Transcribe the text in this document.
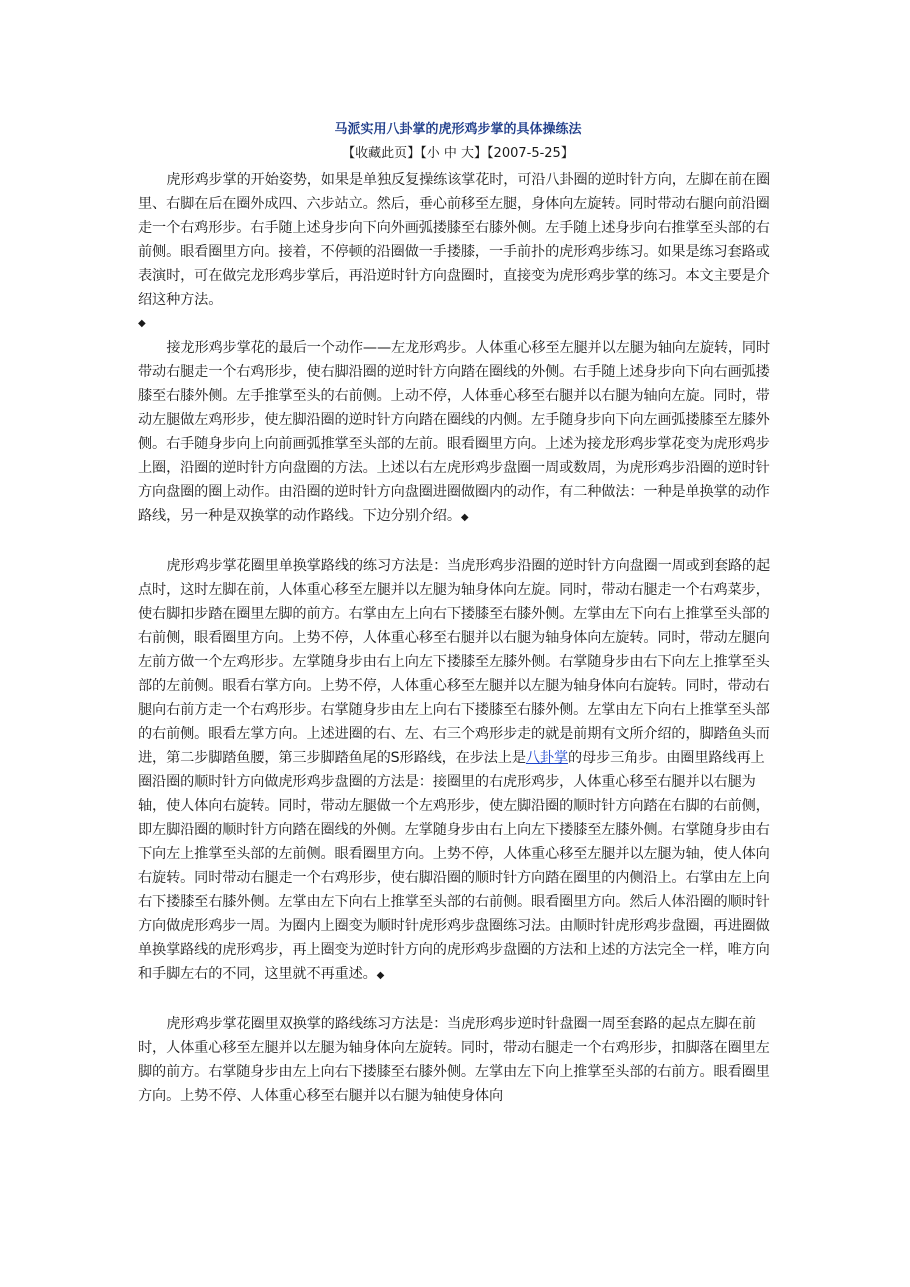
马派实用八卦掌的虎形鸡步掌的具体操练法

【收藏此页】【小 中 大】【2007-5-25】

虎形鸡步掌的开始姿势，如果是单独反复操练该掌花时，可沿八卦圈的逆时针方向，左脚在前在圈里、右脚在后在圈外成四、六步站立。然后，垂心前移至左腿，身体向左旋转。同时带动右腿向前沿圈走一个右鸡形步。右手随上述身步向下向外画弧搂膝至右膝外侧。左手随上述身步向右推掌至头部的右前侧。眼看圈里方向。接着，不停顿的沿圈做一手搂膝，一手前扑的虎形鸡步练习。如果是练习套路或表演时，可在做完龙形鸡步掌后，再沿逆时针方向盘圈时，直接变为虎形鸡步掌的练习。本文主要是介绍这种方法。

◆

接龙形鸡步掌花的最后一个动作——左龙形鸡步。人体重心移至左腿并以左腿为轴向左旋转，同时带动右腿走一个右鸡形步，使右脚沿圈的逆时针方向踏在圈线的外侧。右手随上述身步向下向右画弧搂膝至右膝外侧。左手推掌至头的右前侧。上动不停，人体垂心移至右腿并以右腿为轴向左旋。同时，带动左腿做左鸡形步，使左脚沿圈的逆时针方向踏在圈线的内侧。左手随身步向下向左画弧搂膝至左膝外侧。右手随身步向上向前画弧推掌至头部的左前。眼看圈里方向。上述为接龙形鸡步掌花变为虎形鸡步上圈，沿圈的逆时针方向盘圈的方法。上述以右左虎形鸡步盘圈一周或数周，为虎形鸡步沿圈的逆时针方向盘圈的圈上动作。由沿圈的逆时针方向盘圈进圈做圈内的动作，有二种做法：一种是单换掌的动作路线，另一种是双换掌的动作路线。下边分别介绍。◆

虎形鸡步掌花圈里单换掌路线的练习方法是：当虎形鸡步沿圈的逆时针方向盘圈一周或到套路的起点时，这时左脚在前，人体重心移至左腿并以左腿为轴身体向左旋。同时，带动右腿走一个右鸡菜步，使右脚扣步踏在圈里左脚的前方。右掌由左上向右下搂膝至右膝外侧。左掌由左下向右上推掌至头部的右前侧，眼看圈里方向。上势不停，人体重心移至右腿并以右腿为轴身体向左旋转。同时，带动左腿向左前方做一个左鸡形步。左掌随身步由右上向左下搂膝至左膝外侧。右掌随身步由右下向左上推掌至头部的左前侧。眼看右掌方向。上势不停，人体重心移至左腿并以左腿为轴身体向右旋转。同时，带动右腿向右前方走一个右鸡形步。右掌随身步由左上向右下搂膝至右膝外侧。左掌由左下向右上推掌至头部的右前侧。眼看左掌方向。上述进圈的右、左、右三个鸡形步走的就是前期有文所介绍的，脚踏鱼头而进，第二步脚踏鱼腰，第三步脚踏鱼尾的S形路线，在步法上是八卦掌的母步三角步。由圈里路线再上圈沿圈的顺时针方向做虎形鸡步盘圈的方法是：接圈里的右虎形鸡步，人体重心移至右腿并以右腿为轴，使人体向右旋转。同时，带动左腿做一个左鸡形步，使左脚沿圈的顺时针方向踏在右脚的右前侧，即左脚沿圈的顺时针方向踏在圈线的外侧。左掌随身步由右上向左下搂膝至左膝外侧。右掌随身步由右下向左上推掌至头部的左前侧。眼看圈里方向。上势不停，人体重心移至左腿并以左腿为轴，使人体向右旋转。同时带动右腿走一个右鸡形步，使右脚沿圈的顺时针方向踏在圈里的内侧沿上。右掌由左上向右下搂膝至右膝外侧。左掌由左下向右上推掌至头部的右前侧。眼看圈里方向。然后人体沿圈的顺时针方向做虎形鸡步一周。为圈内上圈变为顺时针虎形鸡步盘圈练习法。由顺时针虎形鸡步盘圈，再进圈做单换掌路线的虎形鸡步，再上圈变为逆时针方向的虎形鸡步盘圈的方法和上述的方法完全一样，唯方向和手脚左右的不同，这里就不再重述。◆

虎形鸡步掌花圈里双换掌的路线练习方法是：当虎形鸡步逆时针盘圈一周至套路的起点左脚在前时，人体重心移至左腿并以左腿为轴身体向左旋转。同时，带动右腿走一个右鸡形步，扣脚落在圈里左脚的前方。右掌随身步由左上向右下搂膝至右膝外侧。左掌由左下向上推掌至头部的右前方。眼看圈里方向。上势不停、人体重心移至右腿并以右腿为轴使身体向
